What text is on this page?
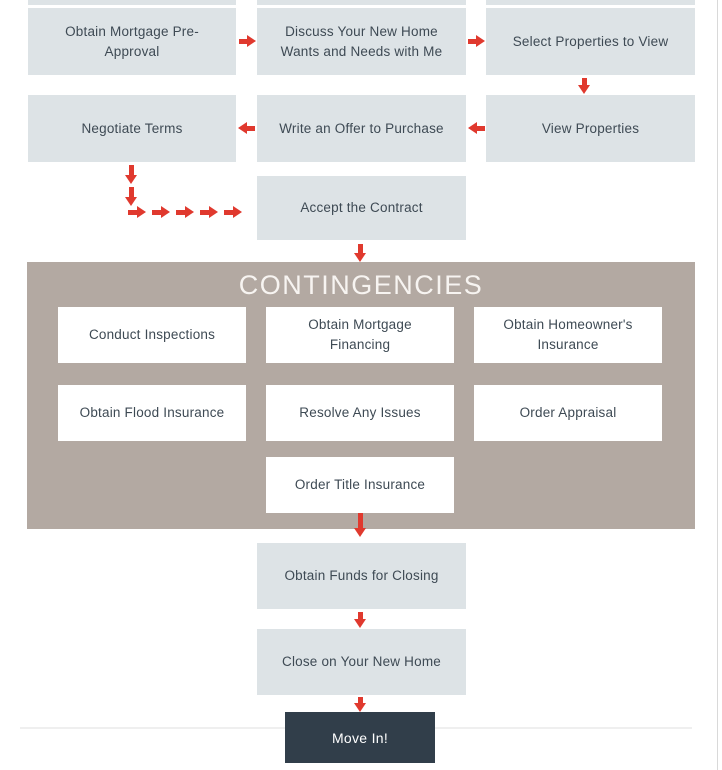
Obtain Mortgage Pre-Approval
Discuss Your New Home Wants and Needs with Me
Select Properties to View
Negotiate Terms	Write an Offer to Purchase	View Properties
Accept the Contract
CONTINGENCIES
Conduct Inspections
Obtain Mortgage Financing
Obtain Homeowner's Insurance
Obtain Flood Insurance	Resolve Any Issues	Order Appraisal
Order Title Insurance
Obtain Funds for Closing
Close on Your New Home
Move In!
